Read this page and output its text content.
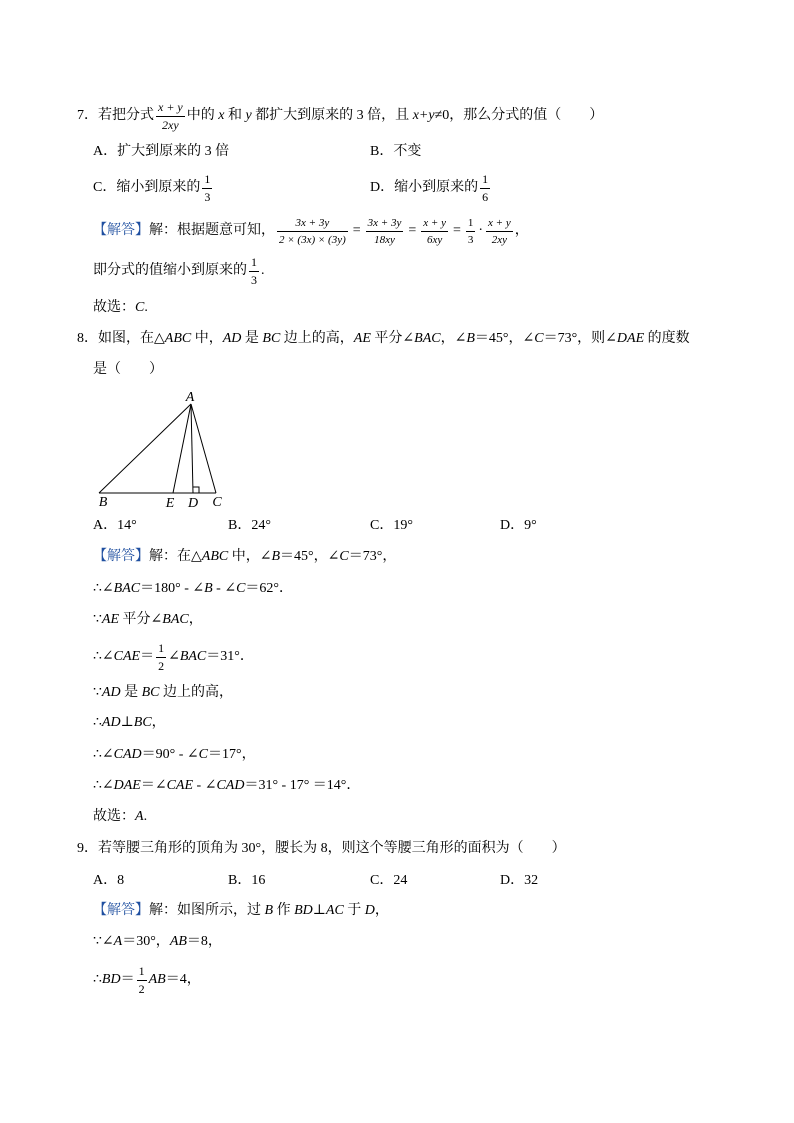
7． 若把分式 $\frac{x + y}{2xy}$ 中的 x 和 y 都扩大到原来的 3 倍，且 x+y ≠0，那么分式的值（　　）
A．扩大到原来的 3 倍	B．不变
C．缩小到原来的 $\frac{1}{3}$	D．缩小到原来的 $\frac{1}{6}$
【解答】 解：根据题意可知， $\frac{3x + 3y}{2 \times (3x) \times (3y)} = \frac{3x + 3y}{18xy} = \frac{x + y}{6xy} = \frac{1}{3} \cdot \frac{x + y}{2xy}$ ，
即分式的值缩小到原来的 $\frac{1}{3}$ .
故选： C .
8． 如图，在△ ABC 中， AD 是 BC 边上的高， AE 平分∠ BAC ，∠ B ＝45°，∠ C ＝73°，则∠ DAE 的度数
是（　　）
A
B	E D C
A．14°	B．24°	C．19°	D．9°
【解答】 解：在△ ABC 中，∠ B ＝45°，∠ C ＝73°，
∴∠ BAC ＝180° - ∠ B - ∠ C ＝62°．
∵ AE 平分∠ BAC ，
∴∠ CAE ＝ $\frac{1}{2}$ ∠ BAC ＝31°．
∵ AD 是 BC 边上的高，
∴ AD ⊥ BC ，
∴∠ CAD ＝90° - ∠ C ＝17°，
∴∠ DAE ＝∠ CAE - ∠ CAD ＝31° - 17° ＝14°．
故选： A .
9． 若等腰三角形的顶角为 30°，腰长为 8，则这个等腰三角形的面积为（　　）
A．8	B．16	C．24	D．32
【解答】 解：如图所示，过 B 作 BD ⊥ AC 于 D ，
∵∠ A ＝30°， AB ＝8，
∴ BD ＝ $\frac{1}{2}$ AB ＝4，
